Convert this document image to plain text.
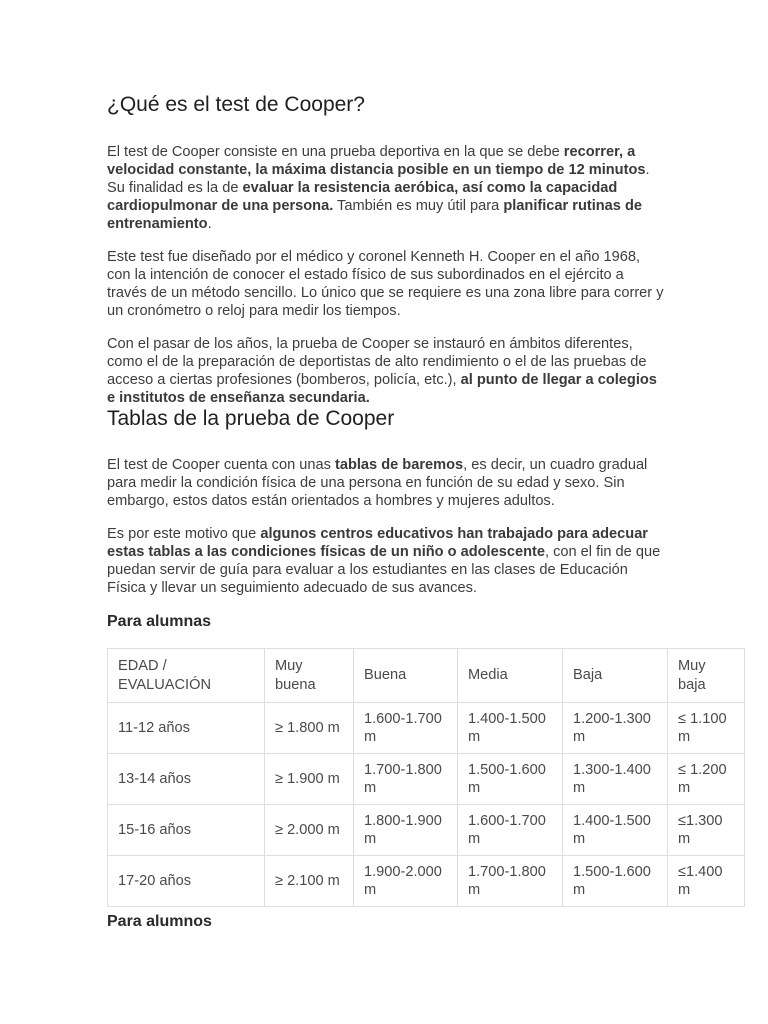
¿Qué es el test de Cooper?

El test de Cooper consiste en una prueba deportiva en la que se debe recorrer, a velocidad constante, la máxima distancia posible en un tiempo de 12 minutos. Su finalidad es la de evaluar la resistencia aeróbica, así como la capacidad cardiopulmonar de una persona. También es muy útil para planificar rutinas de entrenamiento.

Este test fue diseñado por el médico y coronel Kenneth H. Cooper en el año 1968, con la intención de conocer el estado físico de sus subordinados en el ejército a través de un método sencillo. Lo único que se requiere es una zona libre para correr y un cronómetro o reloj para medir los tiempos.

Con el pasar de los años, la prueba de Cooper se instauró en ámbitos diferentes, como el de la preparación de deportistas de alto rendimiento o el de las pruebas de acceso a ciertas profesiones (bomberos, policía, etc.), al punto de llegar a colegios e institutos de enseñanza secundaria.

Tablas de la prueba de Cooper

El test de Cooper cuenta con unas tablas de baremos, es decir, un cuadro gradual para medir la condición física de una persona en función de su edad y sexo. Sin embargo, estos datos están orientados a hombres y mujeres adultos.

Es por este motivo que algunos centros educativos han trabajado para adecuar estas tablas a las condiciones físicas de un niño o adolescente, con el fin de que puedan servir de guía para evaluar a los estudiantes en las clases de Educación Física y llevar un seguimiento adecuado de sus avances.

Para alumnas
EDAD / EVALUACIÓN	Muy buena	Buena	Media	Baja	Muy baja
11-12 años	≥ 1.800 m	1.600-1.700 m	1.400-1.500 m	1.200-1.300 m	≤ 1.100 m
13-14 años	≥ 1.900 m	1.700-1.800 m	1.500-1.600 m	1.300-1.400 m	≤ 1.200 m
15-16 años	≥ 2.000 m	1.800-1.900 m	1.600-1.700 m	1.400-1.500 m	≤1.300 m
17-20 años	≥ 2.100 m	1.900-2.000 m	1.700-1.800 m	1.500-1.600 m	≤1.400 m
Para alumnos
